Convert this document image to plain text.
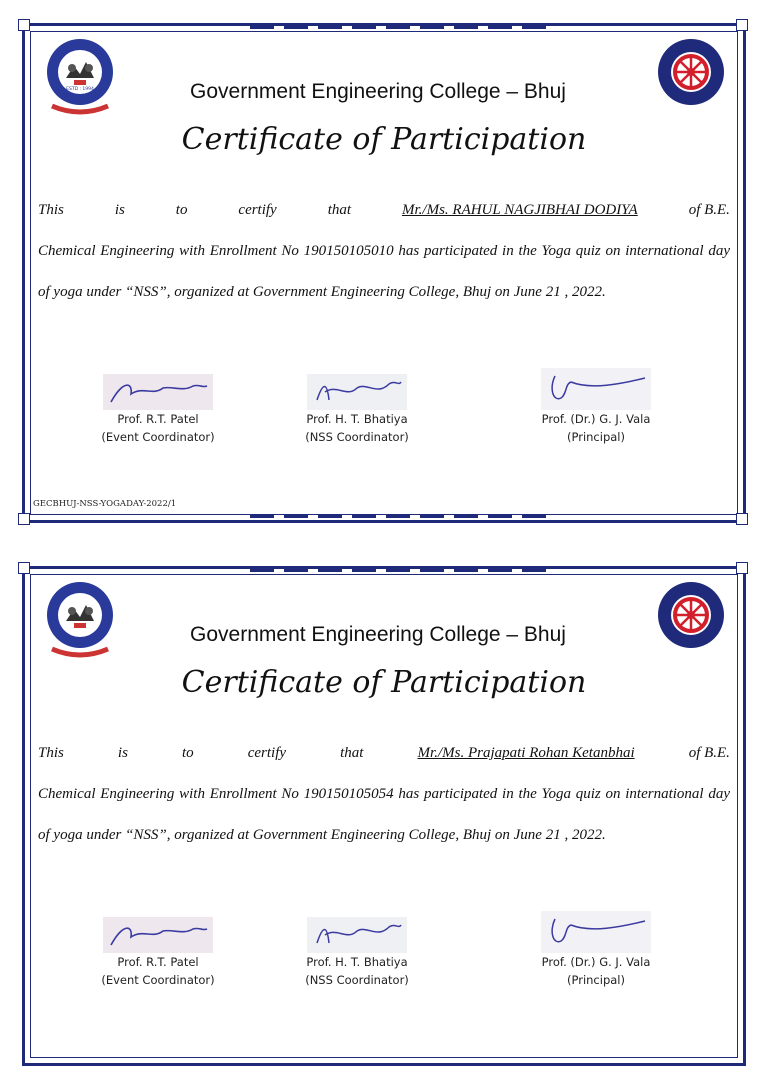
ESTD : 1994	Government Engineering College – Bhuj
Certificate of Participation
This	is	to	certify	that	Mr./Ms. RAHUL NAGJIBHAI DODIYA	of B.E.
Chemical Engineering with Enrollment No 190150105010 has participated in the Yoga quiz on international day of yoga under “NSS”, organized at Government Engineering College, Bhuj on June 21 , 2022.
Prof. R.T. Patel
(Event Coordinator)
Prof. H. T. Bhatiya
(NSS Coordinator)
Prof. (Dr.) G. J. Vala
(Principal)
GECBHUJ-NSS-YOGADAY-2022/1
Government Engineering College – Bhuj
Certificate of Participation
This	is	to	certify	that	Mr./Ms. Prajapati Rohan Ketanbhai	of B.E.
Chemical Engineering with Enrollment No 190150105054 has participated in the Yoga quiz on international day of yoga under “NSS”, organized at Government Engineering College, Bhuj on June 21 , 2022.
Prof. R.T. Patel
(Event Coordinator)
Prof. H. T. Bhatiya
(NSS Coordinator)
Prof. (Dr.) G. J. Vala
(Principal)
